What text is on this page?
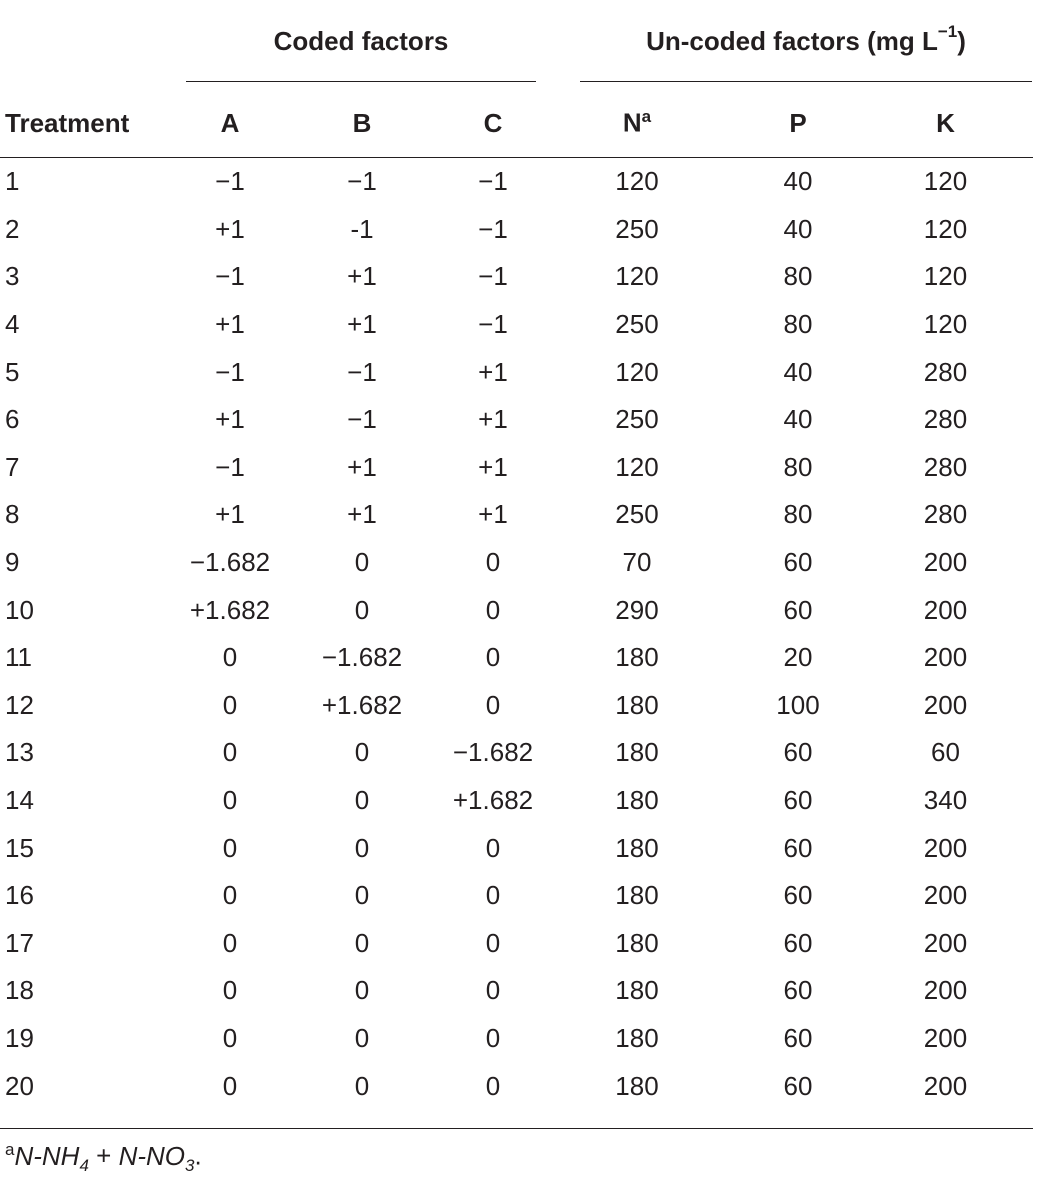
Coded factors	Un-coded factors (mg $L^{-1}$)
Treatment	A	B	C	$N^a$	P	K
1	−1	−1	−1	120	40	120
2	+1	-1	−1	250	40	120
3	−1	+1	−1	120	80	120
4	+1	+1	−1	250	80	120
5	−1	−1	+1	120	40	280
6	+1	−1	+1	250	40	280
7	−1	+1	+1	120	80	280
8	+1	+1	+1	250	80	280
9	−1.682	0	0	70	60	200
10	+1.682	0	0	290	60	200
11	0	−1.682	0	180	20	200
12	0	+1.682	0	180	100	200
13	0	0	−1.682	180	60	60
14	0	0	+1.682	180	60	340
15	0	0	0	180	60	200
16	0	0	0	180	60	200
17	0	0	0	180	60	200
18	0	0	0	180	60	200
19	0	0	0	180	60	200
20	0	0	0	180	60	200
$^aN-NH_4 + N-NO_3$.
